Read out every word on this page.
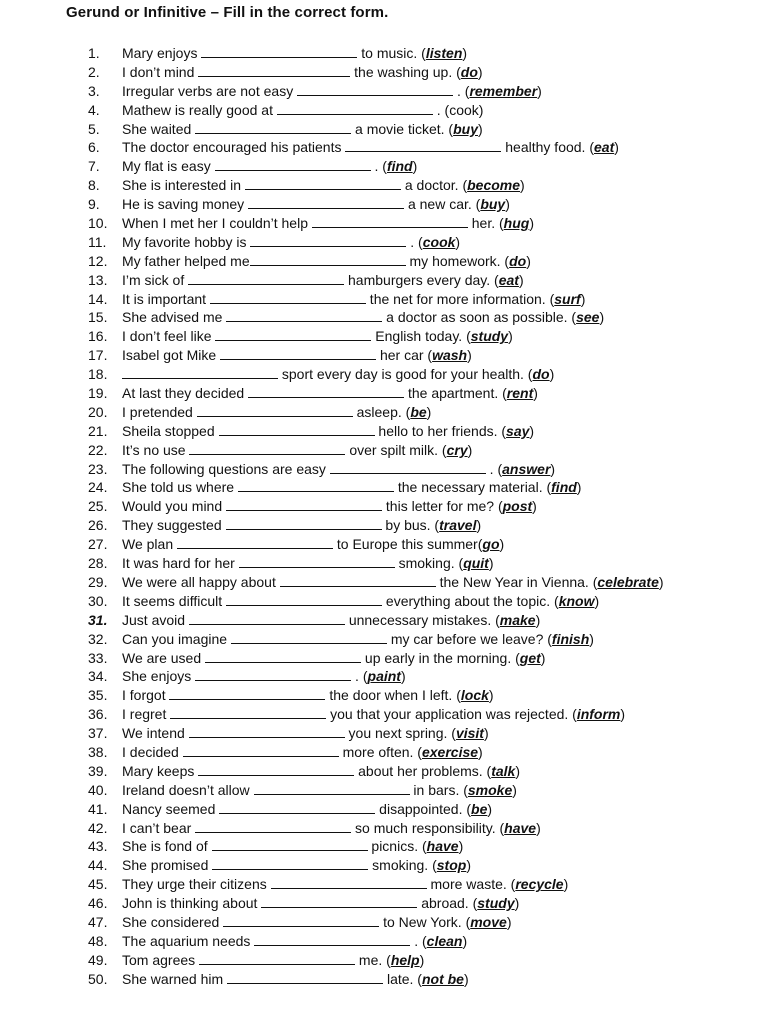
Gerund or Infinitive – Fill in the correct form.
1. Mary enjoys	to music. (listen)
2. I don’t mind	the washing up. (do)
3. Irregular verbs are not easy	. (remember)
4. Mathew is really good at	. (cook)
5. She waited	a movie ticket. (buy)
6. The doctor encouraged his patients	healthy food. (eat)
7. My flat is easy	. (find)
8. She is interested in	a doctor. (become)
9. He is saving money	a new car. (buy)
10. When I met her I couldn’t help	her. (hug)
11. My favorite hobby is	. (cook)
12. My father helped me	my homework. (do)
13. I’m sick of	hamburgers every day. (eat)
14. It is important	the net for more information. (surf)
15. She advised me	a doctor as soon as possible. (see)
16. I don’t feel like	English today. (study)
17. Isabel got Mike	her car (wash)
18.	sport every day is good for your health. (do)
19. At last they decided	the apartment. (rent)
20. I pretended	asleep. (be)
21. Sheila stopped	hello to her friends. (say)
22. It’s no use	over spilt milk. (cry)
23. The following questions are easy	. (answer)
24. She told us where	the necessary material. (find)
25. Would you mind	this letter for me? (post)
26. They suggested	by bus. (travel)
27. We plan	to Europe this summer(go)
28. It was hard for her	smoking. (quit)
29. We were all happy about	the New Year in Vienna. (celebrate)
30. It seems difficult	everything about the topic. (know)
31. Just avoid	unnecessary mistakes. (make)
32. Can you imagine	my car before we leave? (finish)
33. We are used	up early in the morning. (get)
34. She enjoys	. (paint)
35. I forgot	the door when I left. (lock)
36. I regret	you that your application was rejected. (inform)
37. We intend	you next spring. (visit)
38. I decided	more often. (exercise)
39. Mary keeps	about her problems. (talk)
40. Ireland doesn’t allow	in bars. (smoke)
41. Nancy seemed	disappointed. (be)
42. I can’t bear	so much responsibility. (have)
43. She is fond of	picnics. (have)
44. She promised	smoking. (stop)
45. They urge their citizens	more waste. (recycle)
46. John is thinking about	abroad. (study)
47. She considered	to New York. (move)
48. The aquarium needs	. (clean)
49. Tom agrees	me. (help)
50. She warned him	late. (not be)
